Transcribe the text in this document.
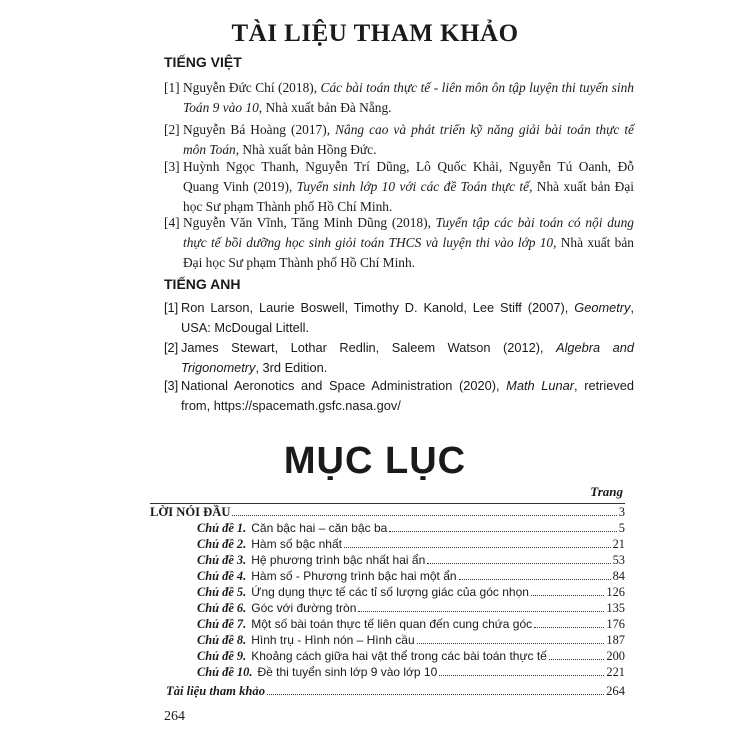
TÀI LIỆU THAM KHẢO
TIẾNG VIỆT
[1] Nguyễn Đức Chí (2018), Các bài toán thực tế - liên môn ôn tập luyện thi tuyển sinh Toán 9 vào 10, Nhà xuất bản Đà Nẵng.
[2] Nguyễn Bá Hoàng (2017), Nâng cao và phát triển kỹ năng giải bài toán thực tế môn Toán, Nhà xuất bản Hồng Đức.
[3] Huỳnh Ngọc Thanh, Nguyễn Trí Dũng, Lô Quốc Khải, Nguyễn Tú Oanh, Đỗ Quang Vinh (2019), Tuyển sinh lớp 10 với các đề Toán thực tế, Nhà xuất bản Đại học Sư phạm Thành phố Hồ Chí Minh.
[4] Nguyễn Văn Vĩnh, Tăng Minh Dũng (2018), Tuyển tập các bài toán có nội dung thực tế bồi dưỡng học sinh giỏi toán THCS và luyện thi vào lớp 10, Nhà xuất bản Đại học Sư phạm Thành phố Hồ Chí Minh.
TIẾNG ANH
[1] Ron Larson, Laurie Boswell, Timothy D. Kanold, Lee Stiff (2007), Geometry, USA: McDougal Littell.
[2] James Stewart, Lothar Redlin, Saleem Watson (2012), Algebra and Trigonometry, 3rd Edition.
[3] National Aeronotics and Space Administration (2020), Math Lunar, retrieved from, https://spacemath.gsfc.nasa.gov/
MỤC LỤC
Trang
LỜI NÓI ĐẦU	3
Chủ đề 1. Căn bậc hai – căn bậc ba	5
Chủ đề 2. Hàm số bậc nhất	21
Chủ đề 3. Hệ phương trình bậc nhất hai ẩn	53
Chủ đề 4. Hàm số - Phương trình bậc hai một ẩn	84
Chủ đề 5. Ứng dụng thực tế các tỉ số lượng giác của góc nhọn	126
Chủ đề 6. Góc với đường tròn	135
Chủ đề 7. Một số bài toán thực tế liên quan đến cung chứa góc	176
Chủ đề 8. Hình trụ - Hình nón – Hình cầu	187
Chủ đề 9. Khoảng cách giữa hai vật thể trong các bài toán thực tế	200
Chủ đề 10. Đề thi tuyển sinh lớp 9 vào lớp 10	221
Tài liệu tham khảo	264
264
